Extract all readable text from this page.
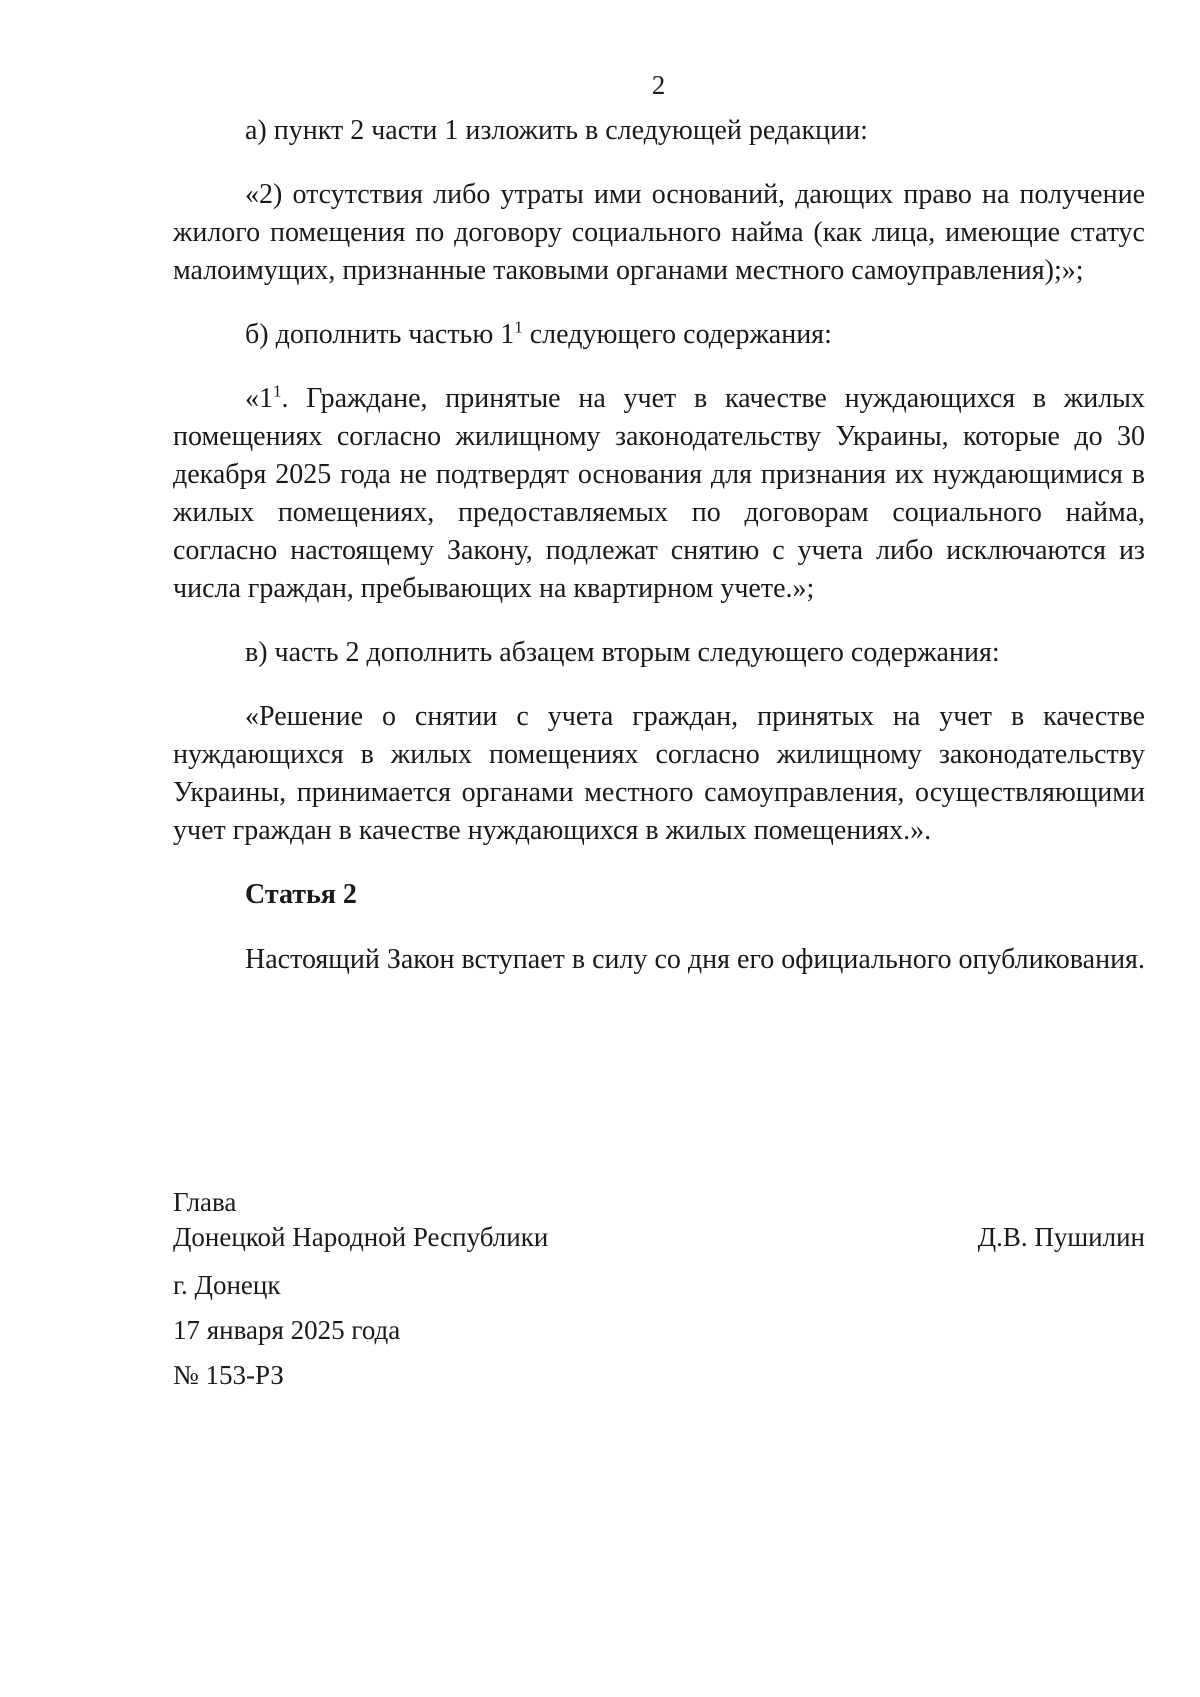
2

а) пункт 2 части 1 изложить в следующей редакции:

«2) отсутствия либо утраты ими оснований, дающих право на получение жилого помещения по договору социального найма (как лица, имеющие статус малоимущих, признанные таковыми органами местного самоуправления);»;

б) дополнить частью $1^1$ следующего содержания:

«$1^1$. Граждане, принятые на учет в качестве нуждающихся в жилых помещениях согласно жилищному законодательству Украины, которые до 30 декабря 2025 года не подтвердят основания для признания их нуждающимися в жилых помещениях, предоставляемых по договорам социального найма, согласно настоящему Закону, подлежат снятию с учета либо исключаются из числа граждан, пребывающих на квартирном учете.»;

в) часть 2 дополнить абзацем вторым следующего содержания:

«Решение о снятии с учета граждан, принятых на учет в качестве нуждающихся в жилых помещениях согласно жилищному законодательству Украины, принимается органами местного самоуправления, осуществляющими учет граждан в качестве нуждающихся в жилых помещениях.».

Статья 2

Настоящий Закон вступает в силу со дня его официального опубликования.

Глава
Донецкой Народной Республики	Д.В. Пушилин
г. Донецк
17 января 2025 года
№ 153-РЗ
